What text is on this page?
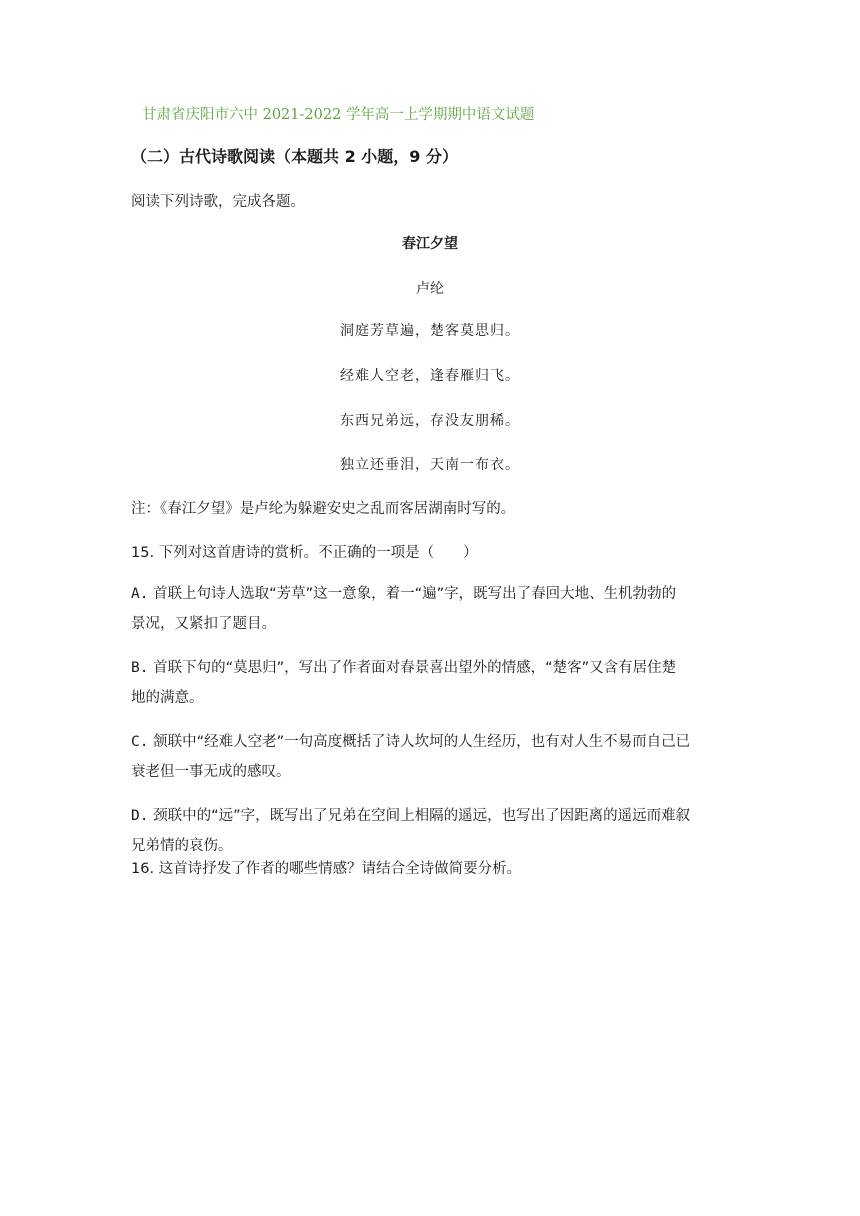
甘肃省庆阳市六中 2021-2022 学年高一上学期期中语文试题
（二）古代诗歌阅读（本题共 2 小题，9 分）
阅读下列诗歌，完成各题。
春江夕望
卢纶
洞庭芳草遍，楚客莫思归。
经难人空老，逢春雁归飞。
东西兄弟远，存没友朋稀。
独立还垂泪，天南一布衣。
注：《春江夕望》是卢纶为躲避安史之乱而客居湖南时写的。
15. 下列对这首唐诗的赏析。不正确的一项是（　　）
A. 首联上句诗人选取“芳草”这一意象，着一“遍”字，既写出了春回大地、生机勃勃的
景况，又紧扣了题目。
B. 首联下句的“莫思归”，写出了作者面对春景喜出望外的情感，“楚客”又含有居住楚
地的满意。
C. 颔联中“经难人空老”一句高度概括了诗人坎坷的人生经历，也有对人生不易而自己已
衰老但一事无成的感叹。
D. 颈联中的“远”字，既写出了兄弟在空间上相隔的遥远，也写出了因距离的遥远而难叙
兄弟情的哀伤。
16. 这首诗抒发了作者的哪些情感？请结合全诗做简要分析。
